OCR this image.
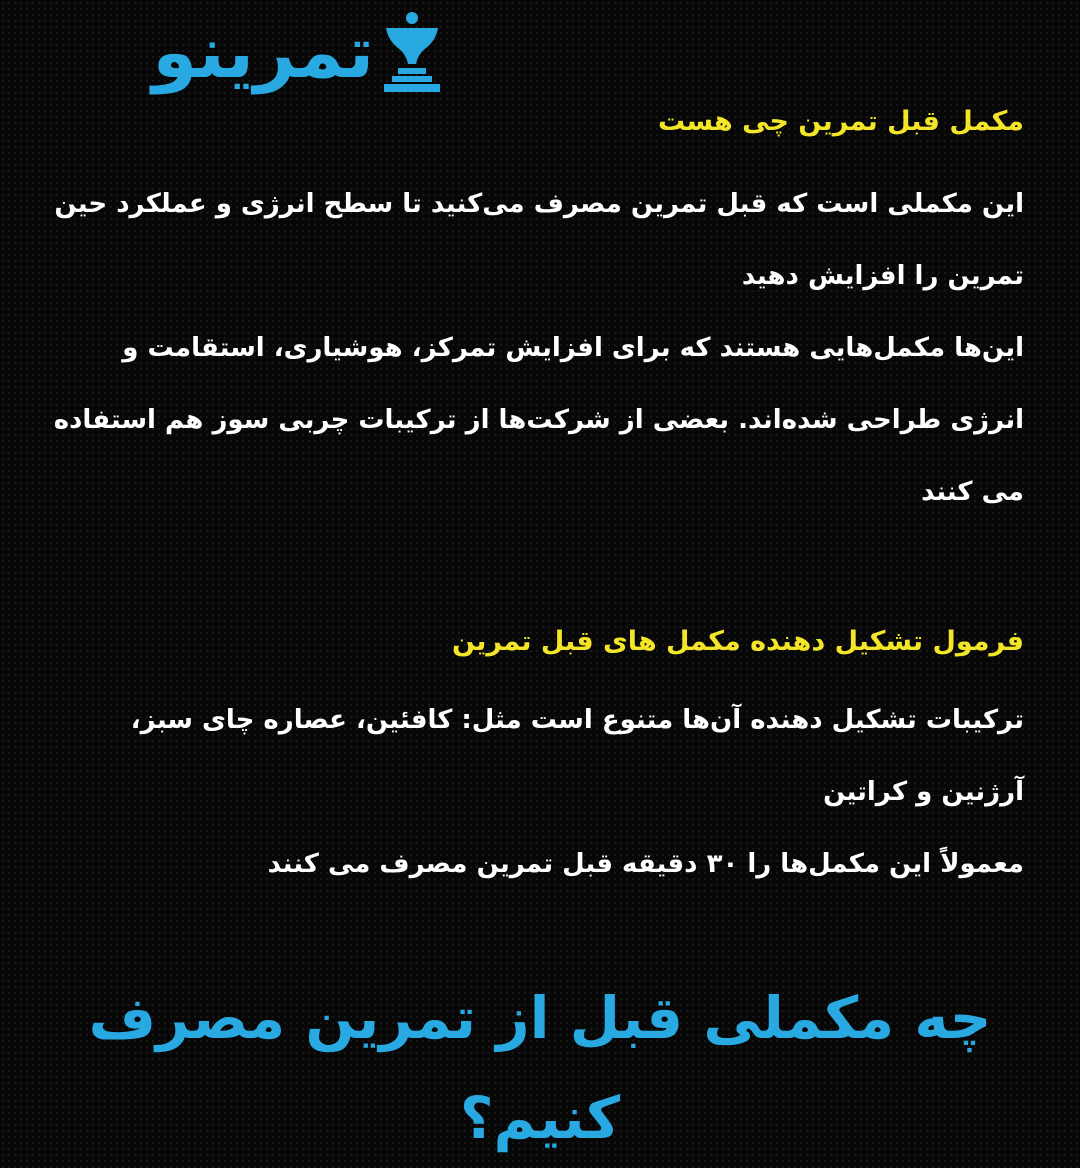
تمرینو

مکمل قبل تمرین چی هست

این مکملی است که قبل تمرین مصرف می‌کنید تا سطح انرژی و عملکرد حین تمرین را افزایش دهید

این‌ها مکمل‌هایی هستند که برای افزایش تمرکز، هوشیاری، استقامت و انرژی طراحی شده‌اند. بعضی از شرکت‌ها از ترکیبات چربی سوز هم استفاده می کنند

فرمول تشکیل دهنده مکمل های قبل تمرین

ترکیبات تشکیل دهنده آن‌ها متنوع است مثل: کافئین، عصاره چای سبز، آرژنین و کراتین

معمولاً این مکمل‌ها را ۳۰ دقیقه قبل تمرین مصرف می کنند

چه مکملی قبل از تمرین مصرف کنیم؟
